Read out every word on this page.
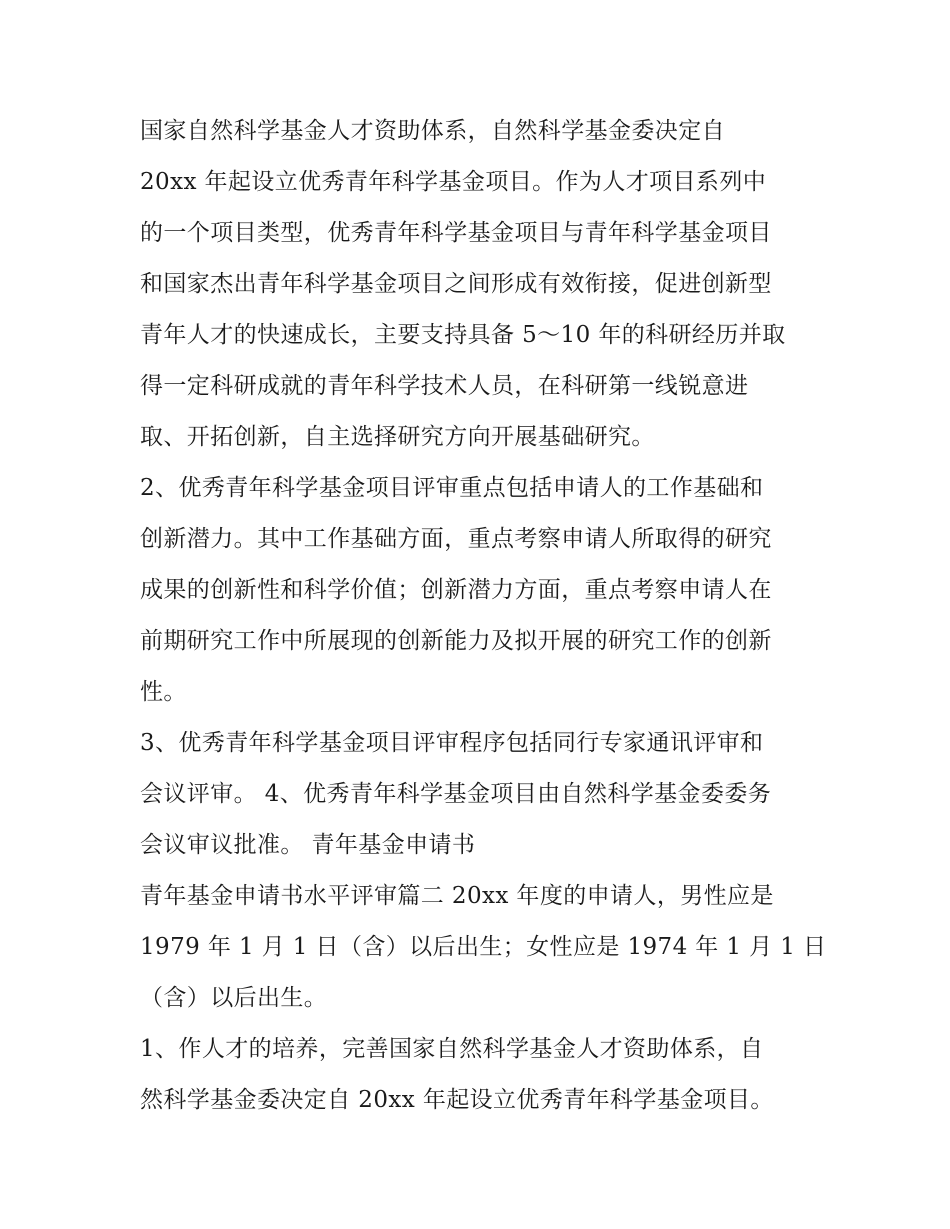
国家自然科学基金人才资助体系，自然科学基金委决定自
20xx 年起设立优秀青年科学基金项目。作为人才项目系列中
的一个项目类型，优秀青年科学基金项目与青年科学基金项目
和国家杰出青年科学基金项目之间形成有效衔接，促进创新型
青年人才的快速成长，主要支持具备 5～10 年的科研经历并取
得一定科研成就的青年科学技术人员，在科研第一线锐意进
取、开拓创新，自主选择研究方向开展基础研究。
2、优秀青年科学基金项目评审重点包括申请人的工作基础和
创新潜力。其中工作基础方面，重点考察申请人所取得的研究
成果的创新性和科学价值；创新潜力方面，重点考察申请人在
前期研究工作中所展现的创新能力及拟开展的研究工作的创新
性。
3、优秀青年科学基金项目评审程序包括同行专家通讯评审和
会议评审。 4、优秀青年科学基金项目由自然科学基金委委务
会议审议批准。 青年基金申请书
青年基金申请书水平评审篇二 20xx 年度的申请人，男性应是
1979 年 1 月 1 日（含）以后出生；女性应是 1974 年 1 月 1 日
（含）以后出生。
1、作人才的培养，完善国家自然科学基金人才资助体系，自
然科学基金委决定自 20xx 年起设立优秀青年科学基金项目。
